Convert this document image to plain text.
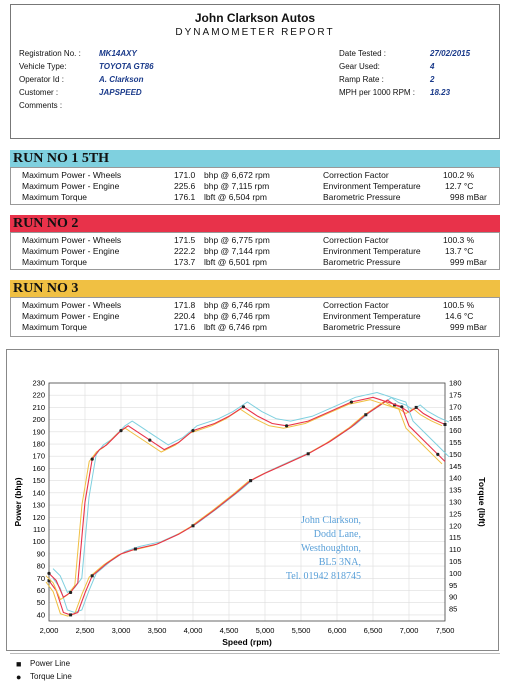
John Clarkson Autos
DYNAMOMETER REPORT
Registration No. :	MK14AXY
Vehicle Type:	TOYOTA GT86
Operator Id :	A. Clarkson
Customer :	JAPSPEED
Comments :
Date Tested :	27/02/2015
Gear Used:	4
Ramp Rate :	2
MPH per 1000 RPM :	18.23
RUN NO 1 5TH
Maximum Power - Wheels	171.0 bhp @ 6,672 rpm	Correction Factor	100.2 %
Maximum Power - Engine	225.6 bhp @ 7,115 rpm	Environment Temperature	12.7 °C
Maximum Torque	176.1 lbft @ 6,504 rpm	Barometric Pressure	998 mBar
RUN NO 2
Maximum Power - Wheels	171.5 bhp @ 6,775 rpm	Correction Factor	100.3 %
Maximum Power - Engine	222.2 bhp @ 7,144 rpm	Environment Temperature	13.7 °C
Maximum Torque	173.7 lbft @ 6,501 rpm	Barometric Pressure	999 mBar
RUN NO 3
Maximum Power - Wheels	171.8 bhp @ 6,746 rpm	Correction Factor	100.5 %
Maximum Power - Engine	220.4 bhp @ 6,746 rpm	Environment Temperature	14.6 °C
Maximum Torque	171.6 lbft @ 6,746 rpm	Barometric Pressure	999 mBar
2,000 2,500 3,000 3,500 4,000 4,500 5,000 5,500 6,000 6,500 7,000 7,500
40
50
60
70
80
90
100
110
120
130
140
150
160
170
180
190
200
210
220
230
85
90
95
100
105
110
115
120
125
130
135
140
145
150
155
160
165
170
175
180
Speed (rpm)
Power (bhp)	Torque (lbft)
John Clarkson,
Dodd Lane,
Westhoughton,
BL5 3NA,
Tel. 01942 818745
■	Power Line
●	Torque Line
